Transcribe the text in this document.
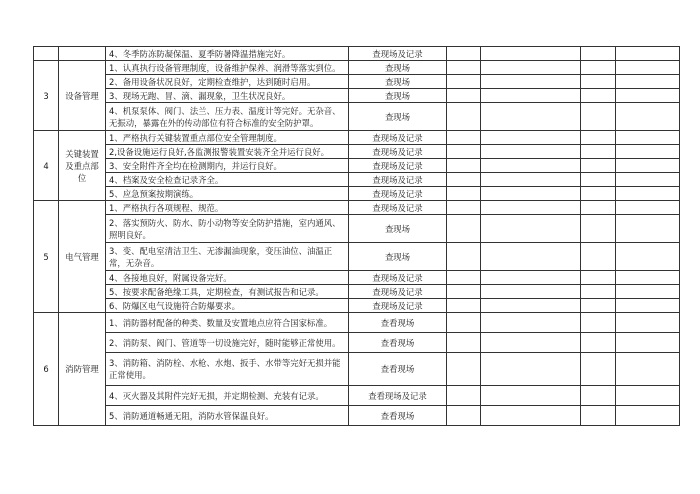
		4、冬季防冻防凝保温、夏季防暑降温措施完好。	查现场及记录				
3	设备管理	1、认真执行设备管理制度，设备维护保养、润滑等落实到位。	查现场				
		2、备用设备状况良好，定期检查维护，达到随时启用。	查现场				
		3、现场无跑、冒、滴、漏现象，卫生状况良好。	查现场				
		4、机泵泵体、阀门、法兰、压力表、温度计等完好。无杂音、无振动，暴露在外的传动部位有符合标准的安全防护罩。	查现场				
4	关键装置及重点部位	1、严格执行关键装置重点部位安全管理制度。	查现场及记录				
		2,设备设施运行良好,各监测报警装置安装齐全并运行良好。	查现场及记录				
		3、安全附件齐全均在检测期内，并运行良好。	查现场及记录				
		4、档案及安全检查记录齐全。	查现场及记录				
		5、应急预案按期演练。	查现场及记录				
5	电气管理	1、严格执行各项规程、规范。	查现场及记录				
		2、落实预防火、防水、防小动物等安全防护措施，室内通风、照明良好。	查现场				
		3、变、配电室清洁卫生、无渗漏油现象，变压油位、油温正常，无杂音。	查现场				
		4、各接地良好，附属设备完好。	查现场及记录				
		5、按要求配备绝缘工具，定期检查，有测试报告和记录。	查现场及记录				
		6、防爆区电气设施符合防爆要求。	查现场及记录				
6	消防管理	1、消防器材配备的种类、数量及安置地点应符合国家标准。	查看现场				
		2、消防泵、阀门、管道等一切设施完好，随时能够正常使用。	查看现场				
		3、消防箱、消防栓、水枪、水炮、扳手、水带等完好无损并能正常使用。	查看现场				
		4、灭火器及其附件完好无损，并定期检测、充装有记录。	查看现场及记录				
		5、消防通道畅通无阻，消防水管保温良好。	查看现场				
